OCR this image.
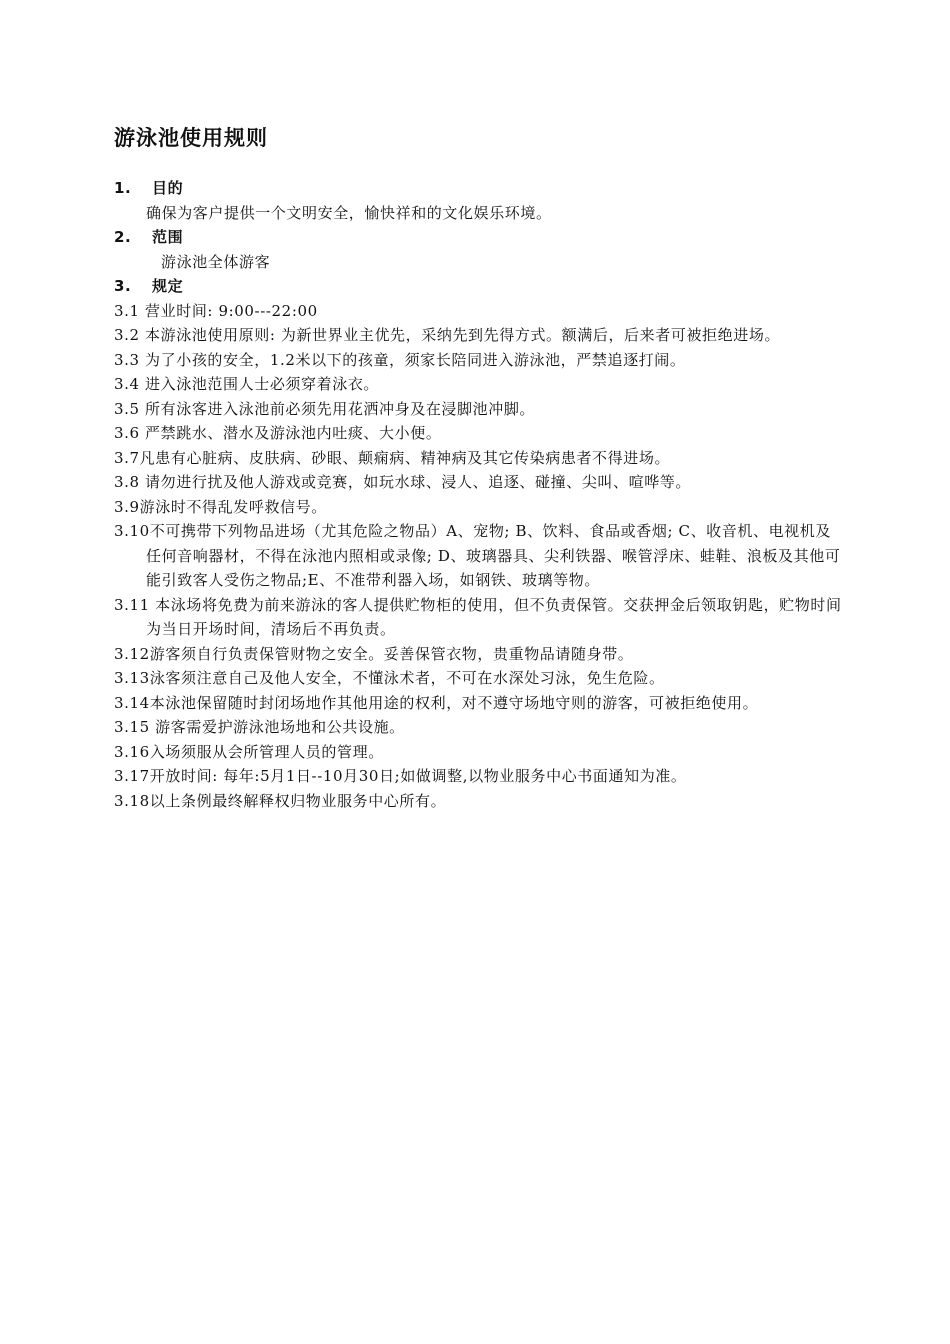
游泳池使用规则
1. 目的
确保为客户提供一个文明安全，愉快祥和的文化娱乐环境。
2. 范围
游泳池全体游客
3. 规定
3.1 营业时间: 9:00---22:00
3.2 本游泳池使用原则: 为新世界业主优先，采纳先到先得方式。额满后，后来者可被拒绝进场。
3.3 为了小孩的安全，1.2米以下的孩童，须家长陪同进入游泳池，严禁追逐打闹。
3.4 进入泳池范围人士必须穿着泳衣。
3.5 所有泳客进入泳池前必须先用花洒冲身及在浸脚池冲脚。
3.6 严禁跳水、潜水及游泳池内吐痰、大小便。
3.7凡患有心脏病、皮肤病、砂眼、颠痫病、精神病及其它传染病患者不得进场。
3.8 请勿进行扰及他人游戏或竞赛，如玩水球、浸人、追逐、碰撞、尖叫、喧哗等。
3.9游泳时不得乱发呼救信号。
3.10不可携带下列物品进场（尤其危险之物品）A、宠物; B、饮料、食品或香烟; C、收音机、电视机及任何音响器材，不得在泳池内照相或录像; D、玻璃器具、尖利铁器、喉管浮床、蛙鞋、浪板及其他可能引致客人受伤之物品;E、不准带利器入场，如钢铁、玻璃等物。
3.11 本泳场将免费为前来游泳的客人提供贮物柜的使用，但不负责保管。交获押金后领取钥匙，贮物时间为当日开场时间，清场后不再负责。
3.12游客须自行负责保管财物之安全。妥善保管衣物，贵重物品请随身带。
3.13泳客须注意自己及他人安全，不懂泳术者，不可在水深处习泳，免生危险。
3.14本泳池保留随时封闭场地作其他用途的权利，对不遵守场地守则的游客，可被拒绝使用。
3.15 游客需爱护游泳池场地和公共设施。
3.16入场须服从会所管理人员的管理。
3.17开放时间: 每年:5月1日--10月30日;如做调整,以物业服务中心书面通知为准。
3.18以上条例最终解释权归物业服务中心所有。
